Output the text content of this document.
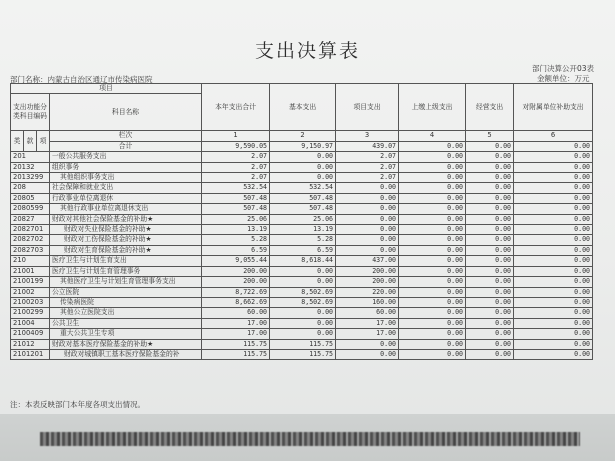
支出决算表
部门决算公开03表
金额单位：万元
部门名称：内蒙古自治区通辽市传染病医院
项目				本年支出合计	基本支出	项目支出	上缴上级支出	经营支出	对附属单位补助支出
支出功能分类科目编码			科目名称						

类	款	项	栏次	1	2	3	4	5	6
			合计	9,590.05	9,150.97	439.07	0.00	0.00	0.00
201			一般公共服务支出	2.07	0.00	2.07	0.00	0.00	0.00
20132			组织事务	2.07	0.00	2.07	0.00	0.00	0.00
2013299			其他组织事务支出	2.07	0.00	2.07	0.00	0.00	0.00
208			社会保障和就业支出	532.54	532.54	0.00	0.00	0.00	0.00
20805			行政事业单位离退休	507.48	507.48	0.00	0.00	0.00	0.00
2080599			其他行政事业单位离退休支出	507.48	507.48	0.00	0.00	0.00	0.00
20827			财政对其他社会保险基金的补助★	25.06	25.06	0.00	0.00	0.00	0.00
2082701			财政对失业保险基金的补助★	13.19	13.19	0.00	0.00	0.00	0.00
2082702			财政对工伤保险基金的补助★	5.28	5.28	0.00	0.00	0.00	0.00
2082703			财政对生育保险基金的补助★	6.59	6.59	0.00	0.00	0.00	0.00
210			医疗卫生与计划生育支出	9,055.44	8,618.44	437.00	0.00	0.00	0.00
21001			医疗卫生与计划生育管理事务	200.00	0.00	200.00	0.00	0.00	0.00
2100199			其他医疗卫生与计划生育管理事务支出	200.00	0.00	200.00	0.00	0.00	0.00
21002			公立医院	8,722.69	8,502.69	220.00	0.00	0.00	0.00
2100203			传染病医院	8,662.69	8,502.69	160.00	0.00	0.00	0.00
2100299			其他公立医院支出	60.00	0.00	60.00	0.00	0.00	0.00
21004			公共卫生	17.00	0.00	17.00	0.00	0.00	0.00
2100409			重大公共卫生专项	17.00	0.00	17.00	0.00	0.00	0.00
21012			财政对基本医疗保险基金的补助★	115.75	115.75	0.00	0.00	0.00	0.00
2101201			财政对城镇职工基本医疗保险基金的补	115.75	115.75	0.00	0.00	0.00	0.00
注：本表反映部门本年度各项支出情况。
